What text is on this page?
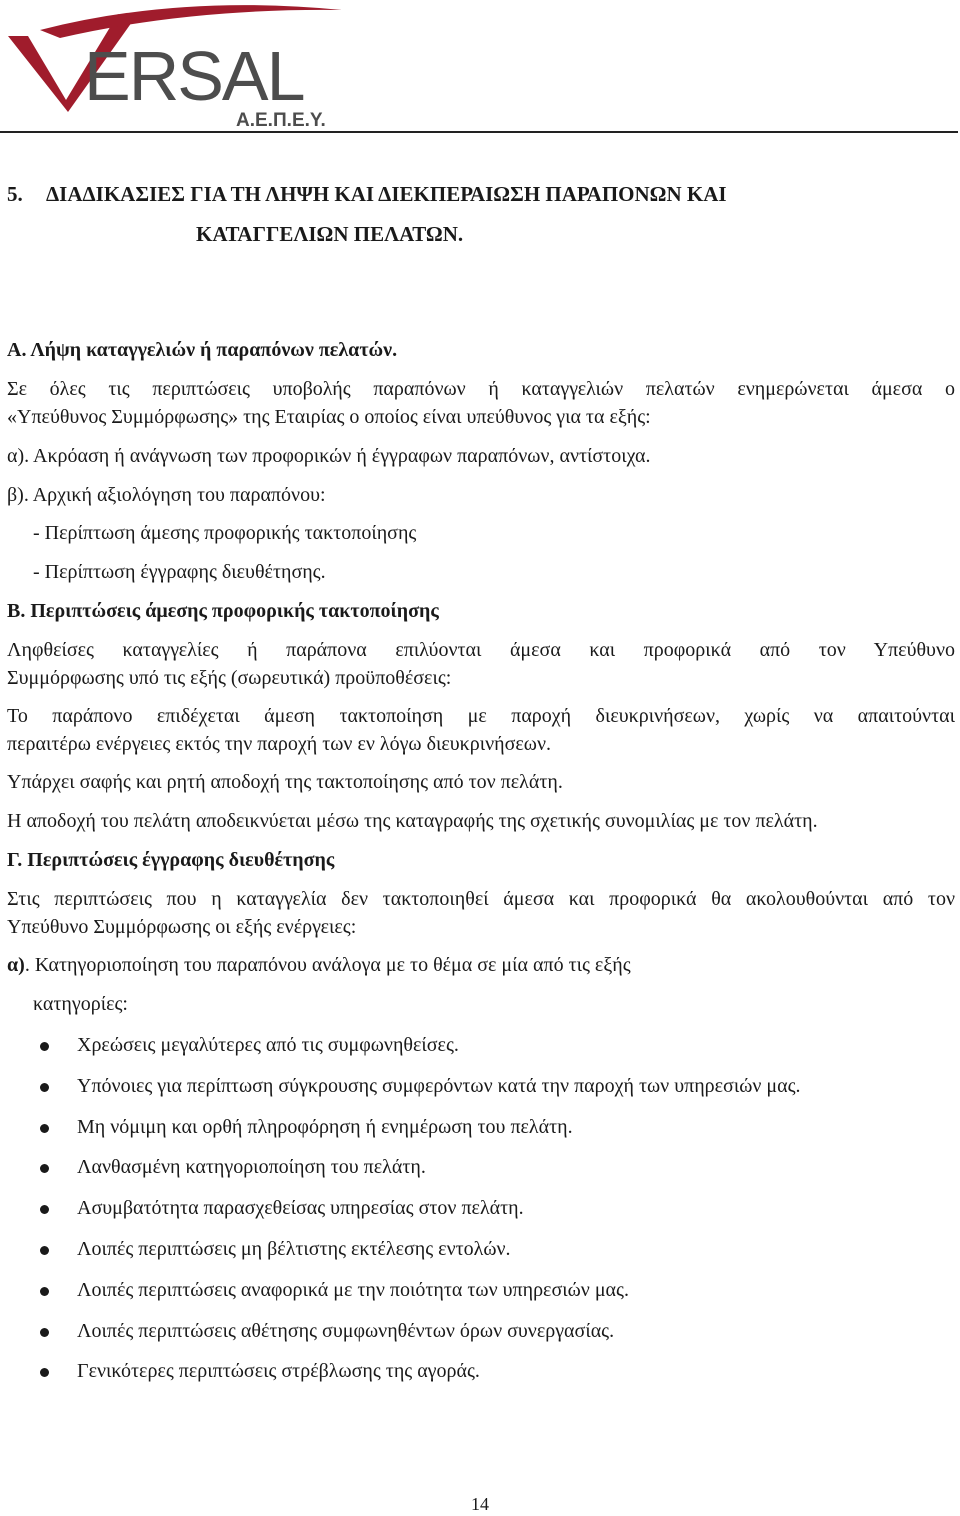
ERSAL
Α.Ε.Π.Ε.Υ.
5. ΔΙΑΔΙΚΑΣΙΕΣ ΓΙΑ ΤΗ ΛΗΨΗ ΚΑΙ ΔΙΕΚΠΕΡΑΙΩΣΗ ΠΑΡΑΠΟΝΩΝ ΚΑΙ
ΚΑΤΑΓΓΕΛΙΩΝ ΠΕΛΑΤΩΝ.
Α. Λήψη καταγγελιών ή παραπόνων πελατών.
Σε όλες τις περιπτώσεις υποβολής παραπόνων ή καταγγελιών πελατών ενημερώνεται άμεσα ο
«Υπεύθυνος Συμμόρφωσης» της Εταιρίας ο οποίος είναι υπεύθυνος για τα εξής:
α). Ακρόαση ή ανάγνωση των προφορικών ή έγγραφων παραπόνων, αντίστοιχα.
β). Αρχική αξιολόγηση του παραπόνου:
- Περίπτωση άμεσης προφορικής τακτοποίησης
- Περίπτωση έγγραφης διευθέτησης.
Β. Περιπτώσεις άμεσης προφορικής τακτοποίησης
Ληφθείσες καταγγελίες ή παράπονα επιλύονται άμεσα και προφορικά από τον Υπεύθυνο
Συμμόρφωσης υπό τις εξής (σωρευτικά) προϋποθέσεις:
Το παράπονο επιδέχεται άμεση τακτοποίηση με παροχή διευκρινήσεων, χωρίς να απαιτούνται
περαιτέρω ενέργειες εκτός την παροχή των εν λόγω διευκρινήσεων.
Υπάρχει σαφής και ρητή αποδοχή της τακτοποίησης από τον πελάτη.
Η αποδοχή του πελάτη αποδεικνύεται μέσω της καταγραφής της σχετικής συνομιλίας με τον πελάτη.
Γ. Περιπτώσεις έγγραφης διευθέτησης
Στις περιπτώσεις που η καταγγελία δεν τακτοποιηθεί άμεσα και προφορικά θα ακολουθούνται από τον
Υπεύθυνο Συμμόρφωσης οι εξής ενέργειες:
α). Κατηγοριοποίηση του παραπόνου ανάλογα με το θέμα σε μία από τις εξής
κατηγορίες:
Χρεώσεις μεγαλύτερες από τις συμφωνηθείσες.
Υπόνοιες για περίπτωση σύγκρουσης συμφερόντων κατά την παροχή των υπηρεσιών μας.
Μη νόμιμη και ορθή πληροφόρηση ή ενημέρωση του πελάτη.
Λανθασμένη κατηγοριοποίηση του πελάτη.
Ασυμβατότητα παρασχεθείσας υπηρεσίας στον πελάτη.
Λοιπές περιπτώσεις μη βέλτιστης εκτέλεσης εντολών.
Λοιπές περιπτώσεις αναφορικά με την ποιότητα των υπηρεσιών μας.
Λοιπές περιπτώσεις αθέτησης συμφωνηθέντων όρων συνεργασίας.
Γενικότερες περιπτώσεις στρέβλωσης της αγοράς.
14
